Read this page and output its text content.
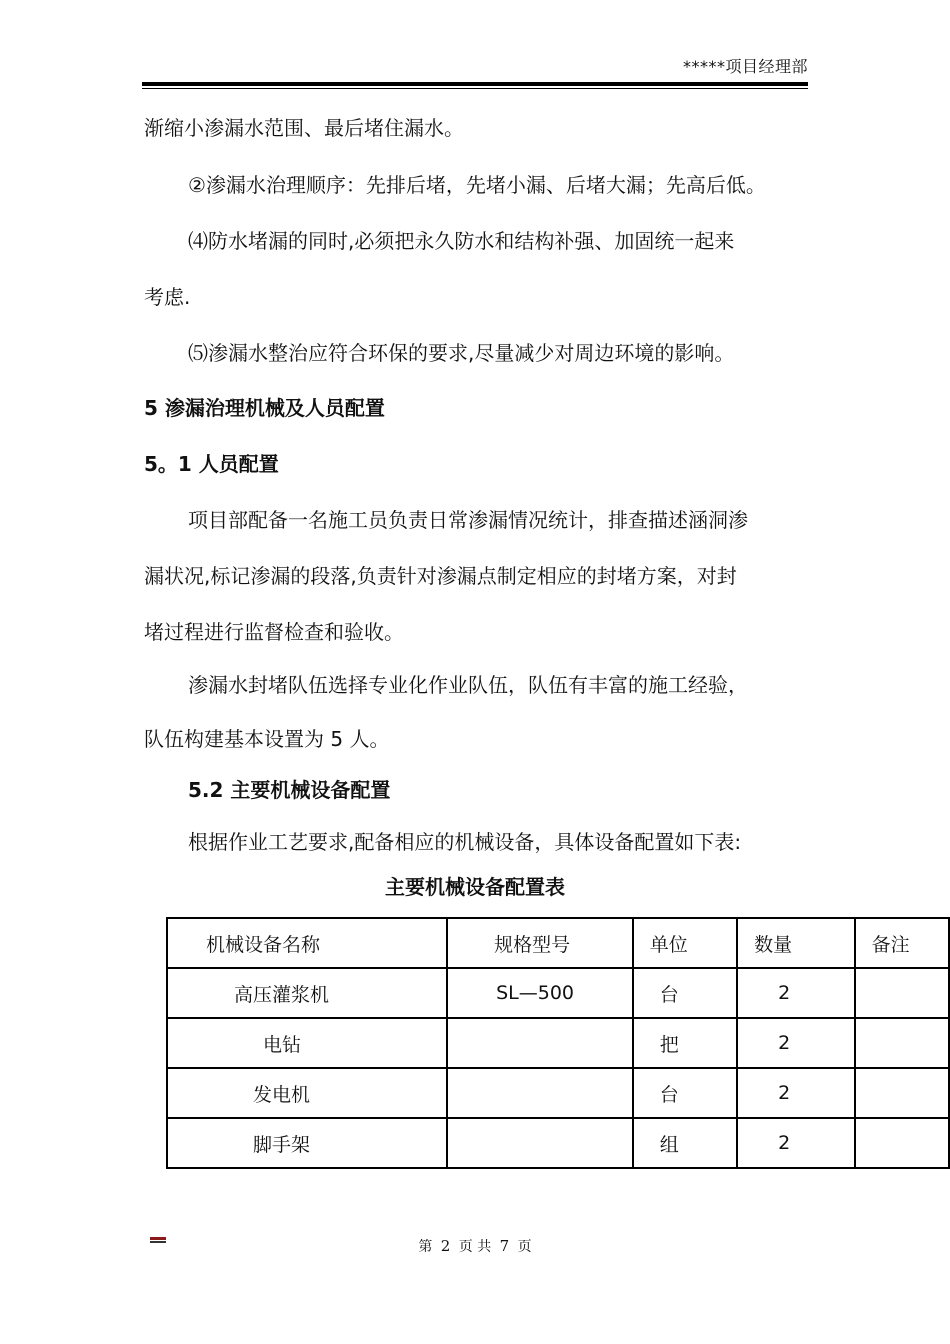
*****项目经理部
渐缩小渗漏水范围、最后堵住漏水。
②渗漏水治理顺序：先排后堵，先堵小漏、后堵大漏；先高后低。
⑷防水堵漏的同时,必须把永久防水和结构补强、加固统一起来
考虑.
⑸渗漏水整治应符合环保的要求,尽量减少对周边环境的影响。
5 渗漏治理机械及人员配置
5。1 人员配置
项目部配备一名施工员负责日常渗漏情况统计，排查描述涵洞渗
漏状况,标记渗漏的段落,负责针对渗漏点制定相应的封堵方案，对封
堵过程进行监督检查和验收。
渗漏水封堵队伍选择专业化作业队伍，队伍有丰富的施工经验，
队伍构建基本设置为 5 人。
5.2 主要机械设备配置
根据作业工艺要求,配备相应的机械设备，具体设备配置如下表:
主要机械设备配置表
机械设备名称	规格型号	单位	数量	备注
高压灌浆机	SL—500	台	2	
电钻		把	2	
发电机		台	2	
脚手架		组	2	
第 2 页 共 7 页
